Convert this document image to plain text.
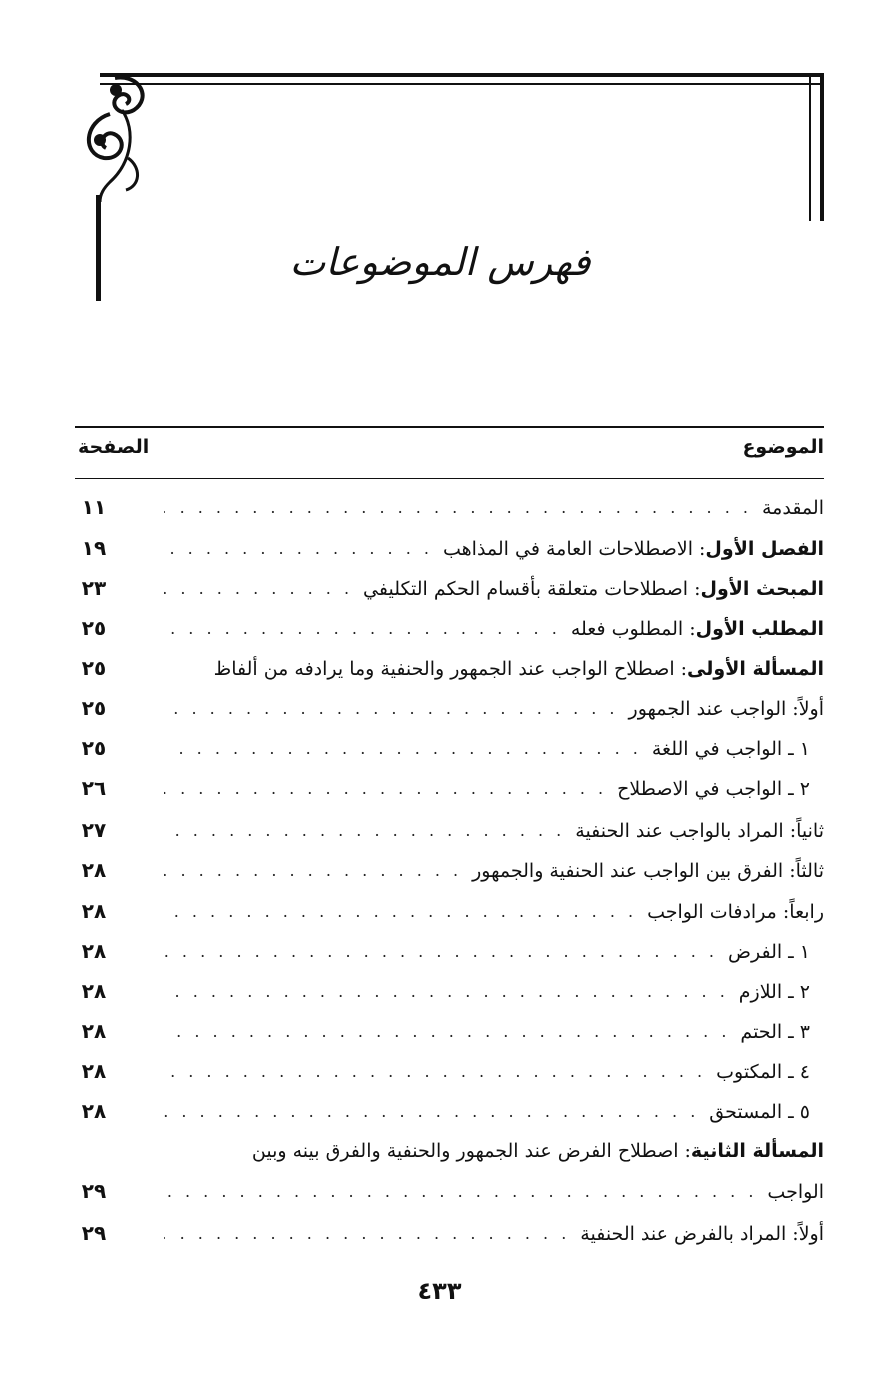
فهرس الموضوعات
الموضوع
الصفحة
المقدمة
. . .
١١
الفصل الأول: الاصطلاحات العامة في المذاهب
. . .
١٩
المبحث الأول: اصطلاحات متعلقة بأقسام الحكم التكليفي
. . .
٢٣
المطلب الأول: المطلوب فعله
. . .
٢٥
المسألة الأولى: اصطلاح الواجب عند الجمهور والحنفية وما يرادفه من ألفاظ
٢٥
أولاً: الواجب عند الجمهور
. . .
٢٥
١ ـ الواجب في اللغة
. . .
٢٥
٢ ـ الواجب في الاصطلاح
. . .
٢٦
ثانياً: المراد بالواجب عند الحنفية
. . .
٢٧
ثالثاً: الفرق بين الواجب عند الحنفية والجمهور
. . .
٢٨
رابعاً: مرادفات الواجب
. . .
٢٨
١ ـ الفرض
. . .
٢٨
٢ ـ اللازم
. . .
٢٨
٣ ـ الحتم
. . .
٢٨
٤ ـ المكتوب
. . .
٢٨
٥ ـ المستحق
. . .
٢٨
المسألة الثانية: اصطلاح الفرض عند الجمهور والحنفية والفرق بينه وبين
الواجب
. . .
٢٩
أولاً: المراد بالفرض عند الحنفية
. . .
٢٩
٤٣٣
